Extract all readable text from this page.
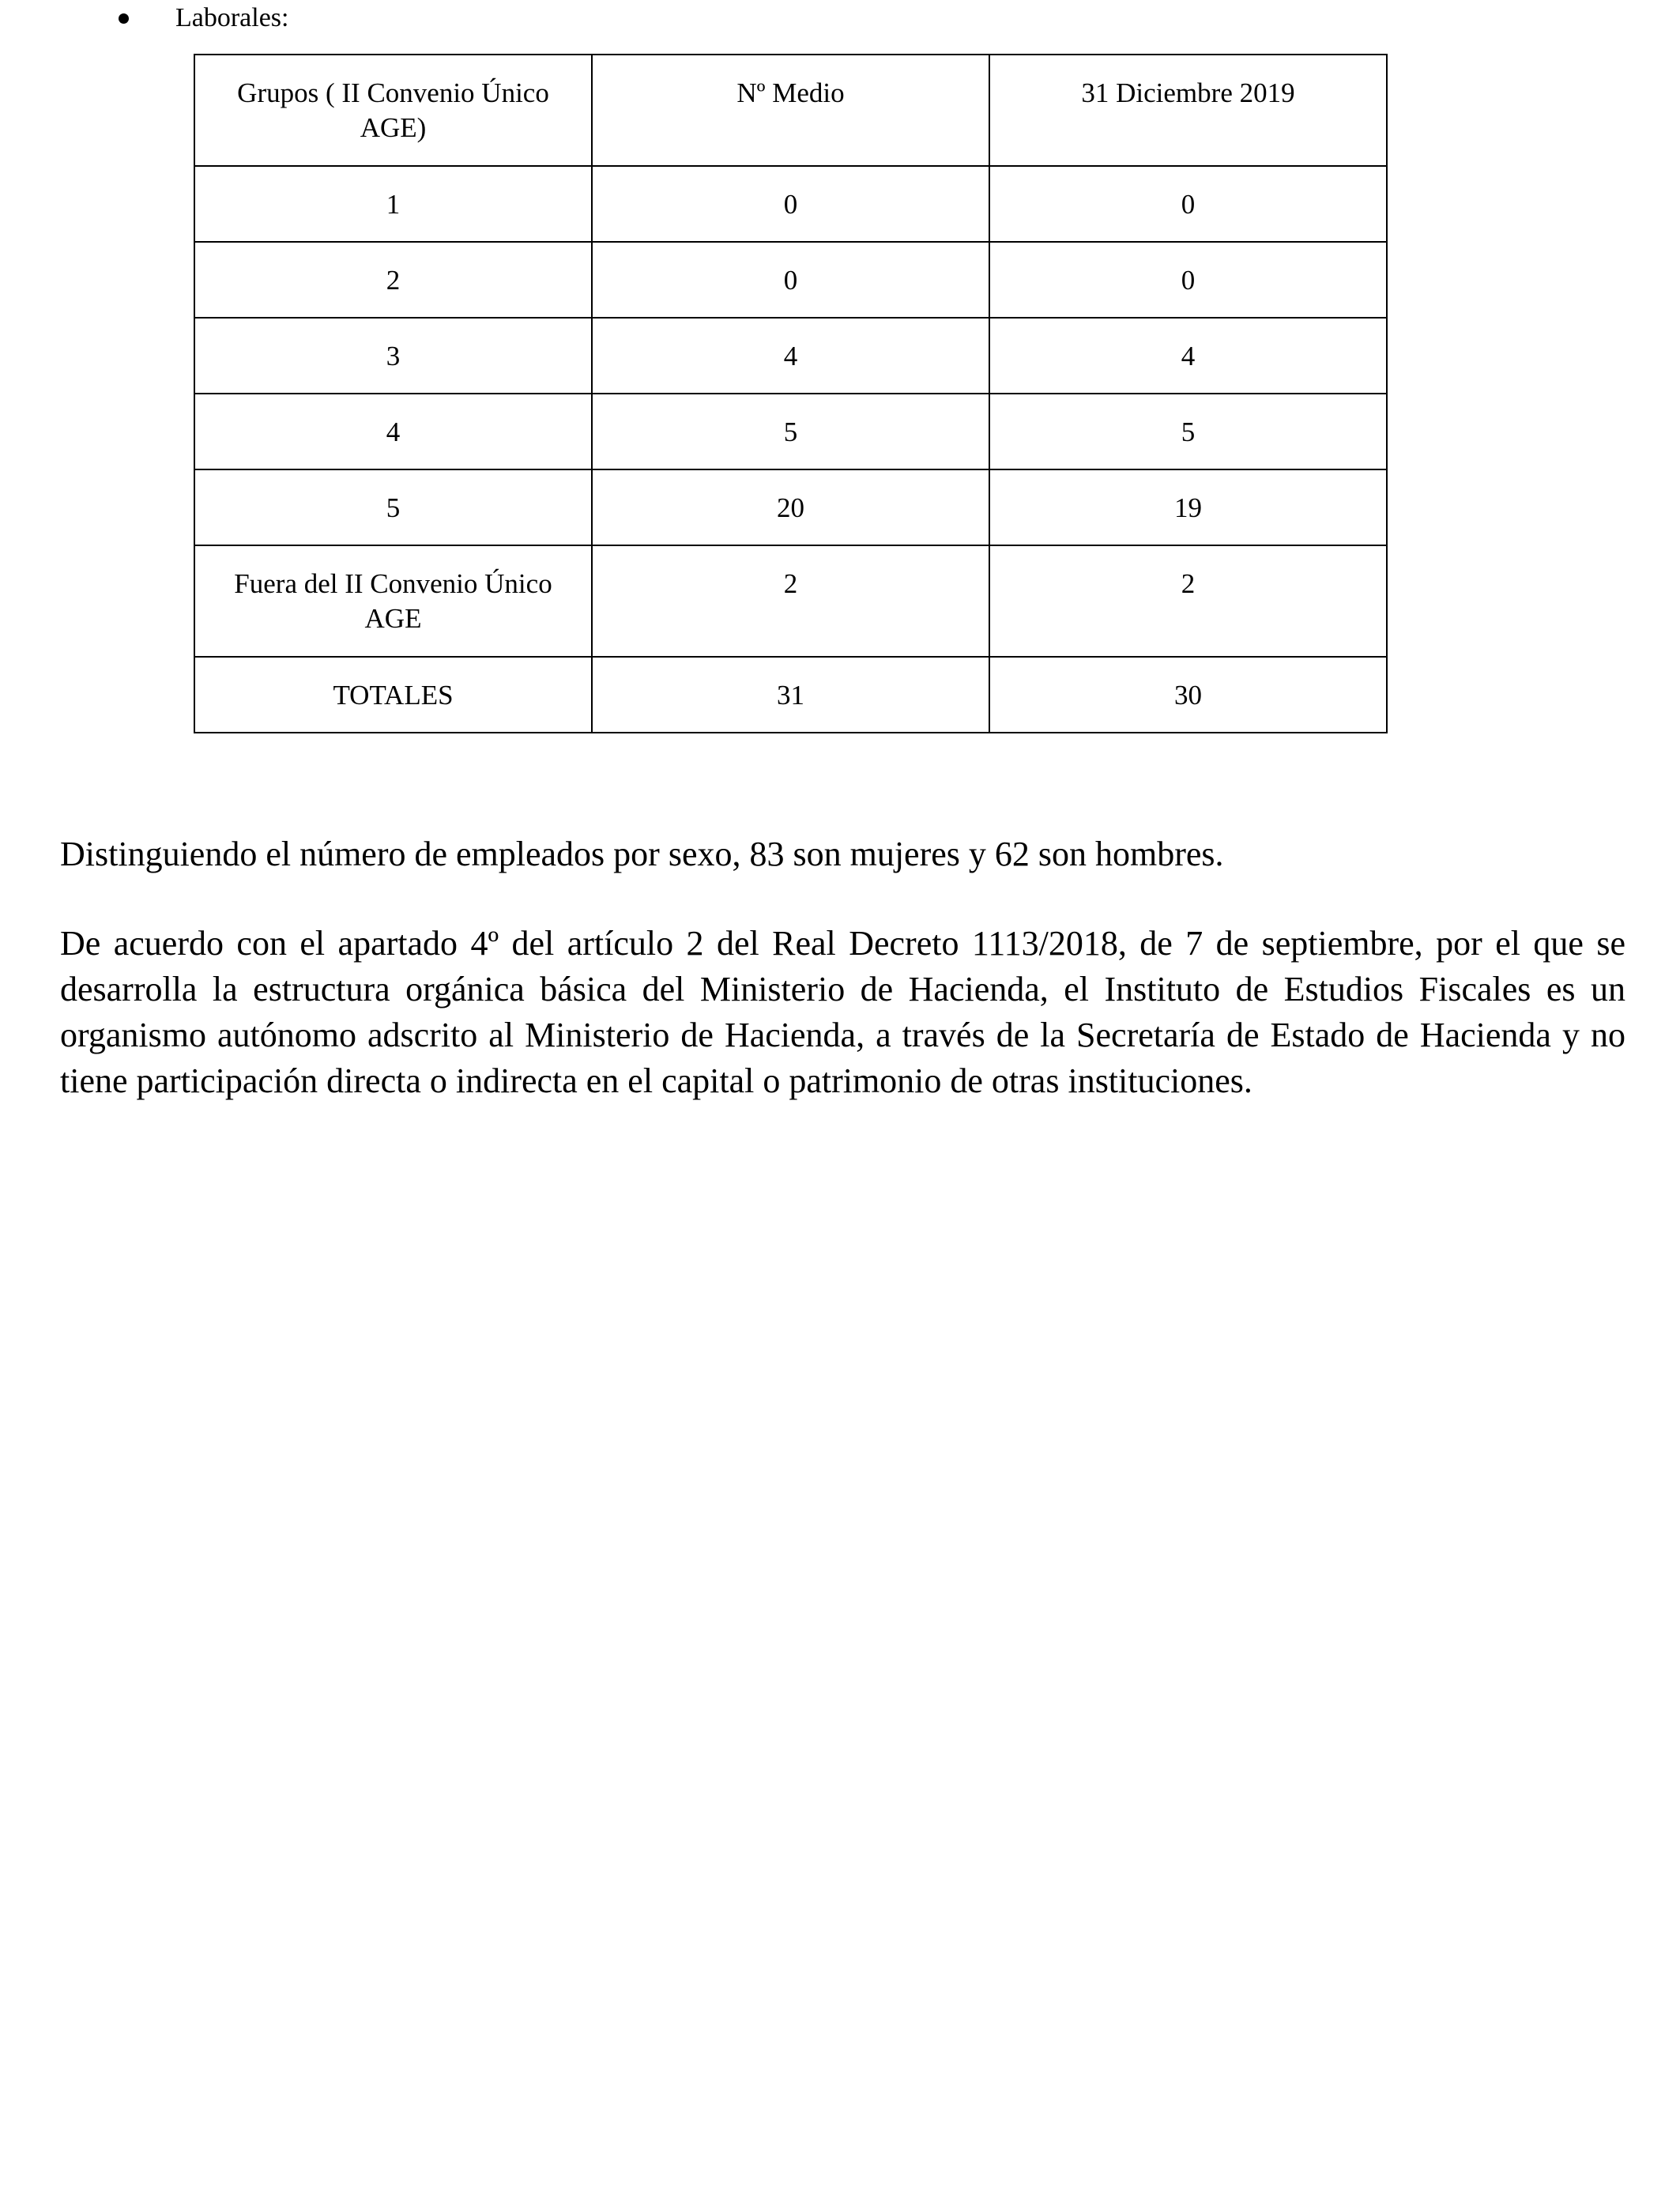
Laborales:
Grupos ( II Convenio Único AGE)	Nº Medio	31 Diciembre 2019
1	0	0
2	0	0
3	4	4
4	5	5
5	20	19
Fuera del II Convenio Único AGE	2	2
TOTALES	31	30

Distinguiendo el número de empleados por sexo, 83 son mujeres y 62 son hombres.

De acuerdo con el apartado 4º del artículo 2 del Real Decreto 1113/2018, de 7 de septiembre, por el que se desarrolla la estructura orgánica básica del Ministerio de Hacienda, el Instituto de Estudios Fiscales es un organismo autónomo adscrito al Ministerio de Hacienda, a través de la Secretaría de Estado de Hacienda y no tiene participación directa o indirecta en el capital o patrimonio de otras instituciones.
